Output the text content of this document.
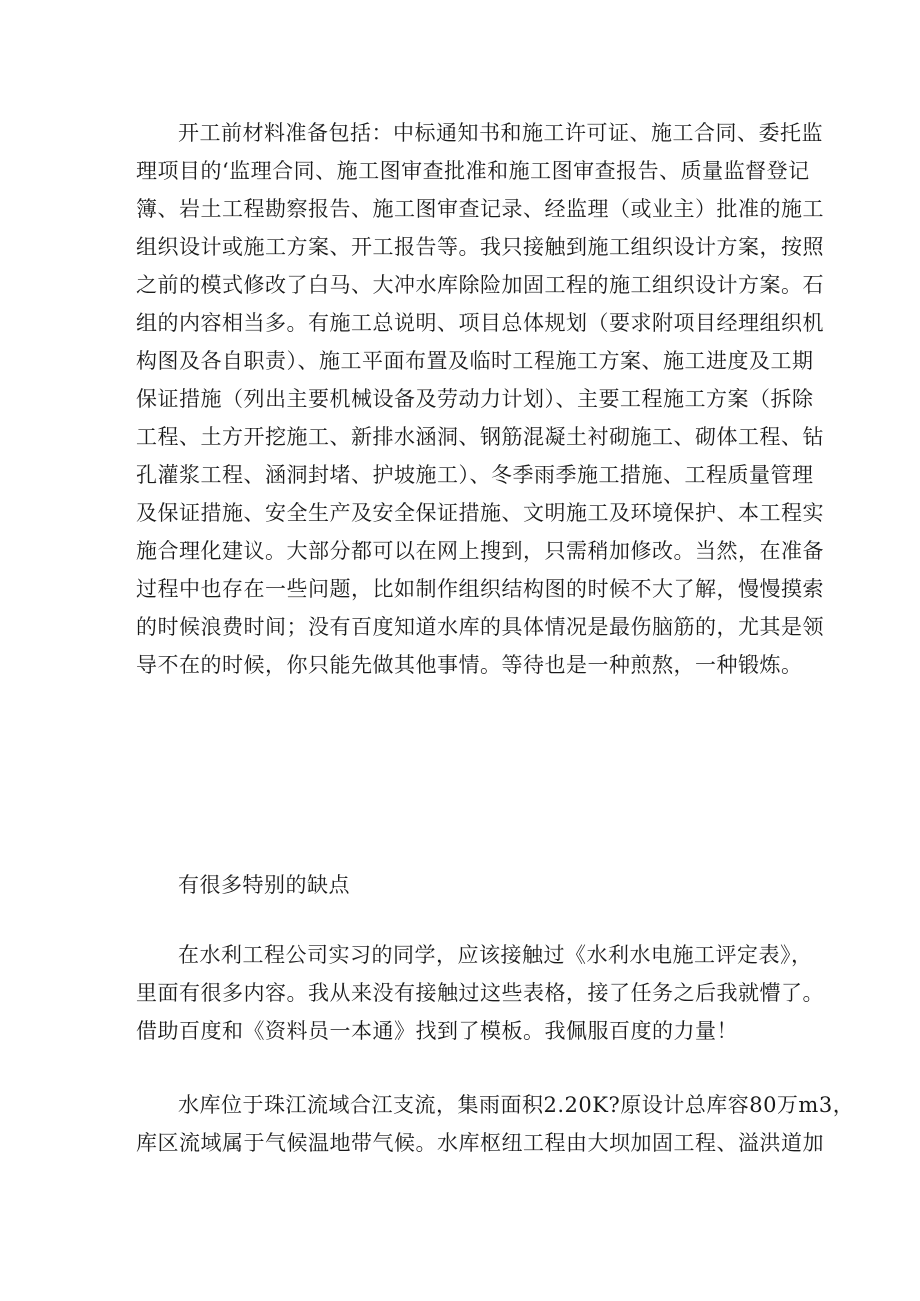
开工前材料准备包括：中标通知书和施工许可证、施工合同、委托监
理项目的‘监理合同、施工图审查批准和施工图审查报告、质量监督登记
簿、岩土工程勘察报告、施工图审查记录、经监理（或业主）批准的施工
组织设计或施工方案、开工报告等。我只接触到施工组织设计方案，按照
之前的模式修改了白马、大冲水库除险加固工程的施工组织设计方案。石
组的内容相当多。有施工总说明、项目总体规划（要求附项目经理组织机
构图及各自职责）、施工平面布置及临时工程施工方案、施工进度及工期
保证措施（列出主要机械设备及劳动力计划）、主要工程施工方案（拆除
工程、土方开挖施工、新排水涵洞、钢筋混凝土衬砌施工、砌体工程、钻
孔灌浆工程、涵洞封堵、护坡施工）、冬季雨季施工措施、工程质量管理
及保证措施、安全生产及安全保证措施、文明施工及环境保护、本工程实
施合理化建议。大部分都可以在网上搜到，只需稍加修改。当然，在准备
过程中也存在一些问题，比如制作组织结构图的时候不大了解，慢慢摸索
的时候浪费时间；没有百度知道水库的具体情况是最伤脑筋的，尤其是领
导不在的时候，你只能先做其他事情。等待也是一种煎熬，一种锻炼。
有很多特别的缺点
在水利工程公司实习的同学，应该接触过《水利水电施工评定表》，
里面有很多内容。我从来没有接触过这些表格，接了任务之后我就懵了。
借助百度和《资料员一本通》找到了模板。我佩服百度的力量！
水库位于珠江流域合江支流，集雨面积2.20K?原设计总库容80万m3，
库区流域属于气候温地带气候。水库枢纽工程由大坝加固工程、溢洪道加
